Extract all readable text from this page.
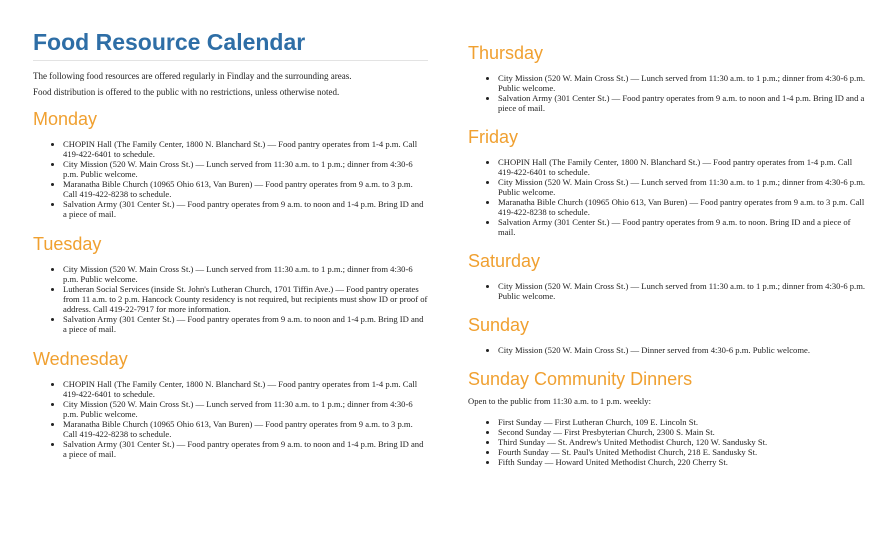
Food Resource Calendar

The following food resources are offered regularly in Findlay and the surrounding areas.

Food distribution is offered to the public with no restrictions, unless otherwise noted.

Monday
• CHOPIN Hall (The Family Center, 1800 N. Blanchard St.) — Food pantry operates from 1-4 p.m. Call 419-422-6401 to schedule.
• City Mission (520 W. Main Cross St.) — Lunch served from 11:30 a.m. to 1 p.m.; dinner from 4:30-6 p.m. Public welcome.
• Maranatha Bible Church (10965 Ohio 613, Van Buren) — Food pantry operates from 9 a.m. to 3 p.m. Call 419-422-8238 to schedule.
• Salvation Army (301 Center St.) — Food pantry operates from 9 a.m. to noon and 1-4 p.m. Bring ID and a piece of mail.
Tuesday
• City Mission (520 W. Main Cross St.) — Lunch served from 11:30 a.m. to 1 p.m.; dinner from 4:30-6 p.m. Public welcome.
• Lutheran Social Services (inside St. John's Lutheran Church, 1701 Tiffin Ave.) — Food pantry operates from 11 a.m. to 2 p.m. Hancock County residency is not required, but recipients must show ID or proof of address. Call 419-22-7917 for more information.
• Salvation Army (301 Center St.) — Food pantry operates from 9 a.m. to noon and 1-4 p.m. Bring ID and a piece of mail.
Wednesday
• CHOPIN Hall (The Family Center, 1800 N. Blanchard St.) — Food pantry operates from 1-4 p.m. Call 419-422-6401 to schedule.
• City Mission (520 W. Main Cross St.) — Lunch served from 11:30 a.m. to 1 p.m.; dinner from 4:30-6 p.m. Public welcome.
• Maranatha Bible Church (10965 Ohio 613, Van Buren) — Food pantry operates from 9 a.m. to 3 p.m. Call 419-422-8238 to schedule.
• Salvation Army (301 Center St.) — Food pantry operates from 9 a.m. to noon and 1-4 p.m. Bring ID and a piece of mail.
Thursday
• City Mission (520 W. Main Cross St.) — Lunch served from 11:30 a.m. to 1 p.m.; dinner from 4:30-6 p.m. Public welcome.
• Salvation Army (301 Center St.) — Food pantry operates from 9 a.m. to noon and 1-4 p.m. Bring ID and a piece of mail.
Friday
• CHOPIN Hall (The Family Center, 1800 N. Blanchard St.) — Food pantry operates from 1-4 p.m. Call 419-422-6401 to schedule.
• City Mission (520 W. Main Cross St.) — Lunch served from 11:30 a.m. to 1 p.m.; dinner from 4:30-6 p.m. Public welcome.
• Maranatha Bible Church (10965 Ohio 613, Van Buren) — Food pantry operates from 9 a.m. to 3 p.m. Call 419-422-8238 to schedule.
• Salvation Army (301 Center St.) — Food pantry operates from 9 a.m. to noon. Bring ID and a piece of mail.
Saturday
• City Mission (520 W. Main Cross St.) — Lunch served from 11:30 a.m. to 1 p.m.; dinner from 4:30-6 p.m. Public welcome.
Sunday
• City Mission (520 W. Main Cross St.) — Dinner served from 4:30-6 p.m. Public welcome.
Sunday Community Dinners

Open to the public from 11:30 a.m. to 1 p.m. weekly:

• First Sunday — First Lutheran Church, 109 E. Lincoln St.
• Second Sunday — First Presbyterian Church, 2300 S. Main St.
• Third Sunday — St. Andrew's United Methodist Church, 120 W. Sandusky St.
• Fourth Sunday — St. Paul's United Methodist Church, 218 E. Sandusky St.
• Fifth Sunday — Howard United Methodist Church, 220 Cherry St.
